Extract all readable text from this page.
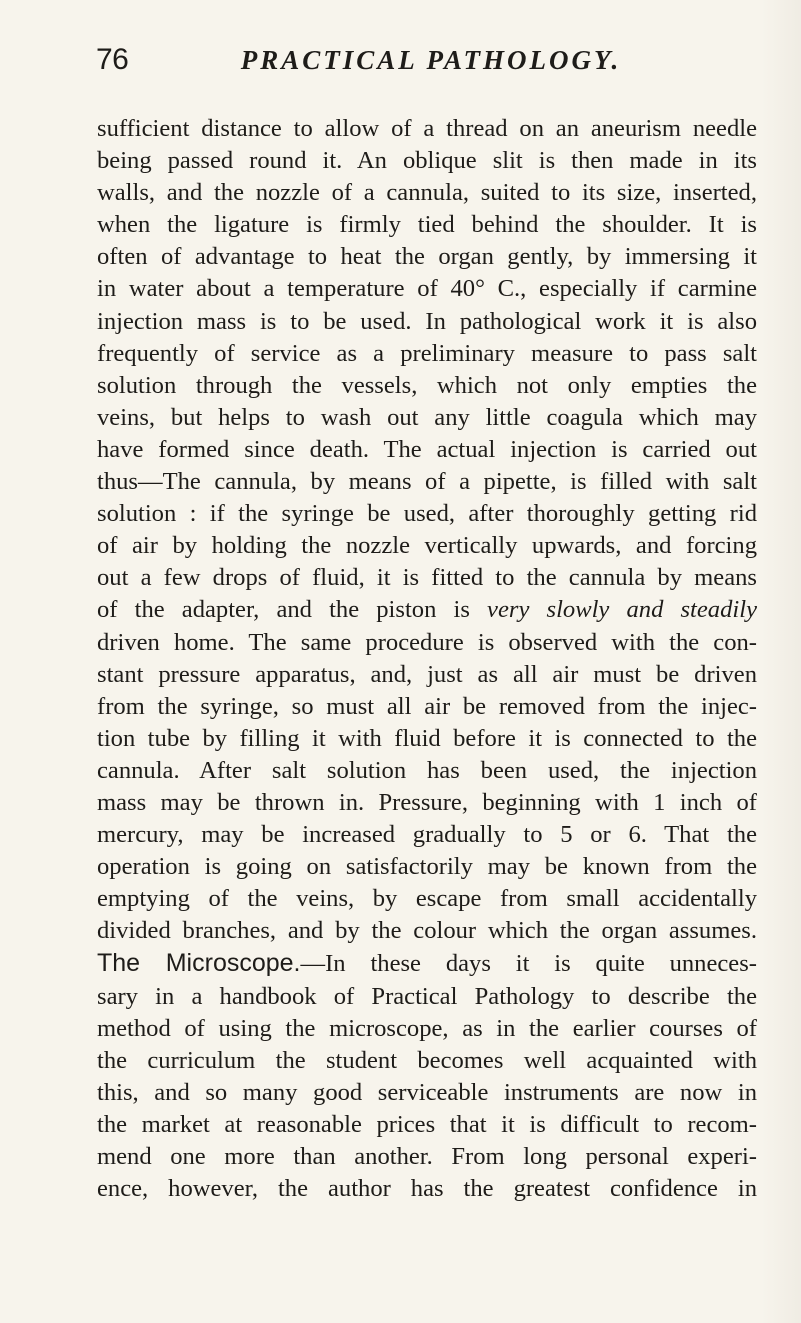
76	PRACTICAL PATHOLOGY.
sufficient distance to allow of a thread on an aneurism needle
being passed round it. An oblique slit is then made in its
walls, and the nozzle of a cannula, suited to its size, inserted,
when the ligature is firmly tied behind the shoulder. It is
often of advantage to heat the organ gently, by immersing it
in water about a temperature of 40° C., especially if carmine
injection mass is to be used. In pathological work it is also
frequently of service as a preliminary measure to pass salt
solution through the vessels, which not only empties the
veins, but helps to wash out any little coagula which may
have formed since death. The actual injection is carried out
thus—The cannula, by means of a pipette, is filled with salt
solution : if the syringe be used, after thoroughly getting rid
of air by holding the nozzle vertically upwards, and forcing
out a few drops of fluid, it is fitted to the cannula by means
of the adapter, and the piston is very slowly and steadily
driven home. The same procedure is observed with the con-
stant pressure apparatus, and, just as all air must be driven
from the syringe, so must all air be removed from the injec-
tion tube by filling it with fluid before it is connected to the
cannula. After salt solution has been used, the injection
mass may be thrown in. Pressure, beginning with 1 inch of
mercury, may be increased gradually to 5 or 6. That the
operation is going on satisfactorily may be known from the
emptying of the veins, by escape from small accidentally
divided branches, and by the colour which the organ assumes.
The Microscope.—In these days it is quite unneces-
sary in a handbook of Practical Pathology to describe the
method of using the microscope, as in the earlier courses of
the curriculum the student becomes well acquainted with
this, and so many good serviceable instruments are now in
the market at reasonable prices that it is difficult to recom-
mend one more than another. From long personal experi-
ence, however, the author has the greatest confidence in
